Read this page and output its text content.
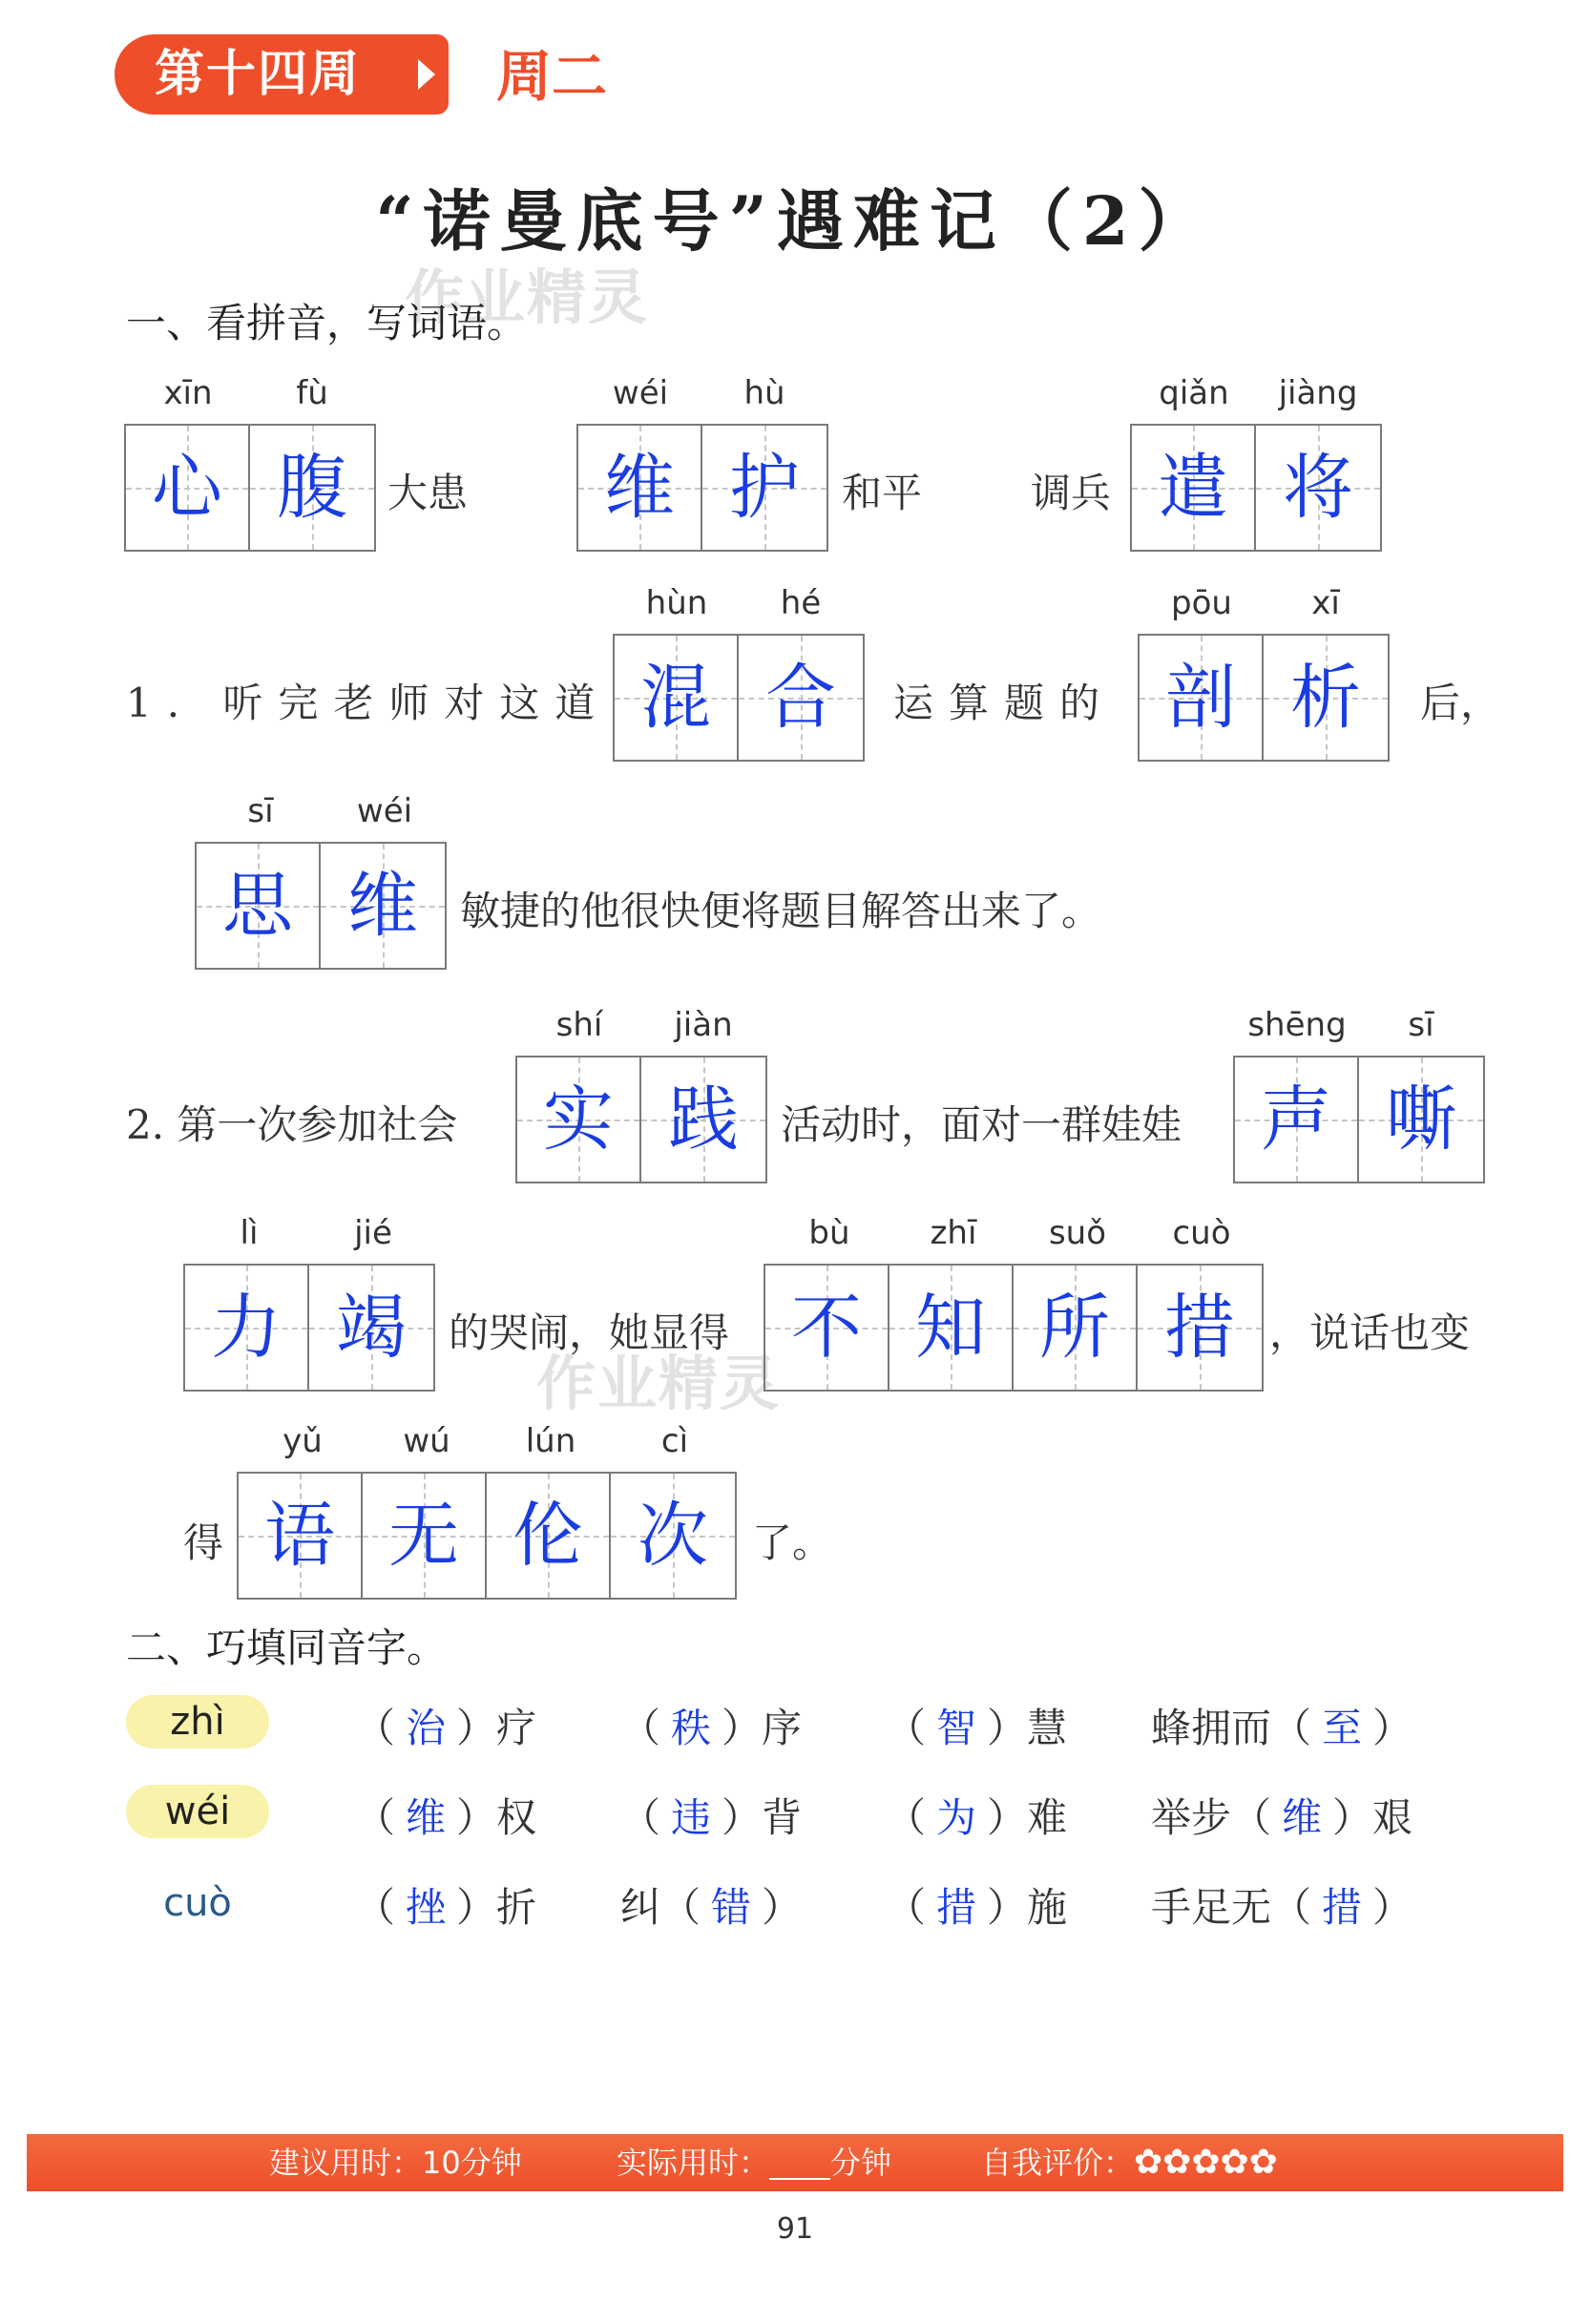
第十四周	周二
“诺曼底号”遇难记（2）
作业精灵
一、看拼音，写词语。
xīn	fù
心 腹	大患
wéi	hù
维 护	和平	调兵
qiǎn	jiàng
遣 将
1. 听完老师对这道
hùn	hé
混 合	运算题的
pōu	xī
剖 析	后，
sī	wéi
思 维	敏捷的他很快便将题目解答出来了。
2. 第一次参加社会
shí	jiàn
实 践	活动时，面对一群娃娃
shēng	sī
声 嘶
lì	jié
力 竭	的哭闹，她显得
作业精灵
bù	zhī	suǒ	cuò
不 知 所 措 ，说话也变
得
yǔ	wú	lún	cì
语 无 伦 次	了。
二、巧填同音字。
zhì	（ 治 ）疗 （ 秩 ）序 （ 智 ）慧 蜂拥而（ 至 ）
wéi	（ 维 ）权 （ 违 ）背 （ 为 ）难 举步（ 维 ）艰
cuò	（ 挫 ）折 纠（ 错 ） （ 措 ）施 手足无（ 措 ）
建议用时：10分钟	实际用时： 分钟	自我评价：✿✿✿✿✿
91
